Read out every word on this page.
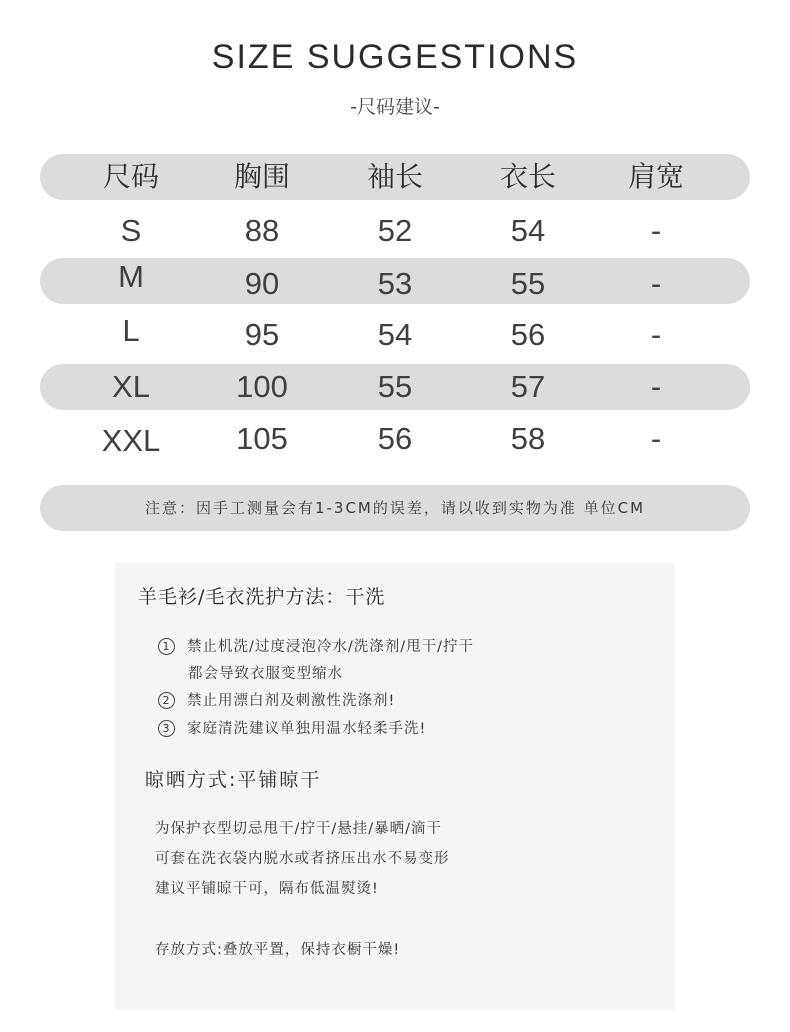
SIZE SUGGESTIONS
-尺码建议-
尺码	胸围	袖长	衣长	肩宽
S	88	52	54	-
M	90	53	55	-
L	95	54	56	-
XL	100	55	57	-
XXL	105	56	58	-
注意：因手工测量会有1-3CM的误差，请以收到实物为准 单位CM
羊毛衫/毛衣洗护方法：干洗
1 禁止机洗/过度浸泡冷水/洗涤剂/甩干/拧干
都会导致衣服变型缩水
2 禁止用漂白剂及刺激性洗涤剂!
3 家庭清洗建议单独用温水轻柔手洗!
晾晒方式:平铺晾干
为保护衣型切忌甩干/拧干/悬挂/暴晒/滴干
可套在洗衣袋内脱水或者挤压出水不易变形
建议平铺晾干可，隔布低温熨烫!
存放方式:叠放平置，保持衣橱干燥!
